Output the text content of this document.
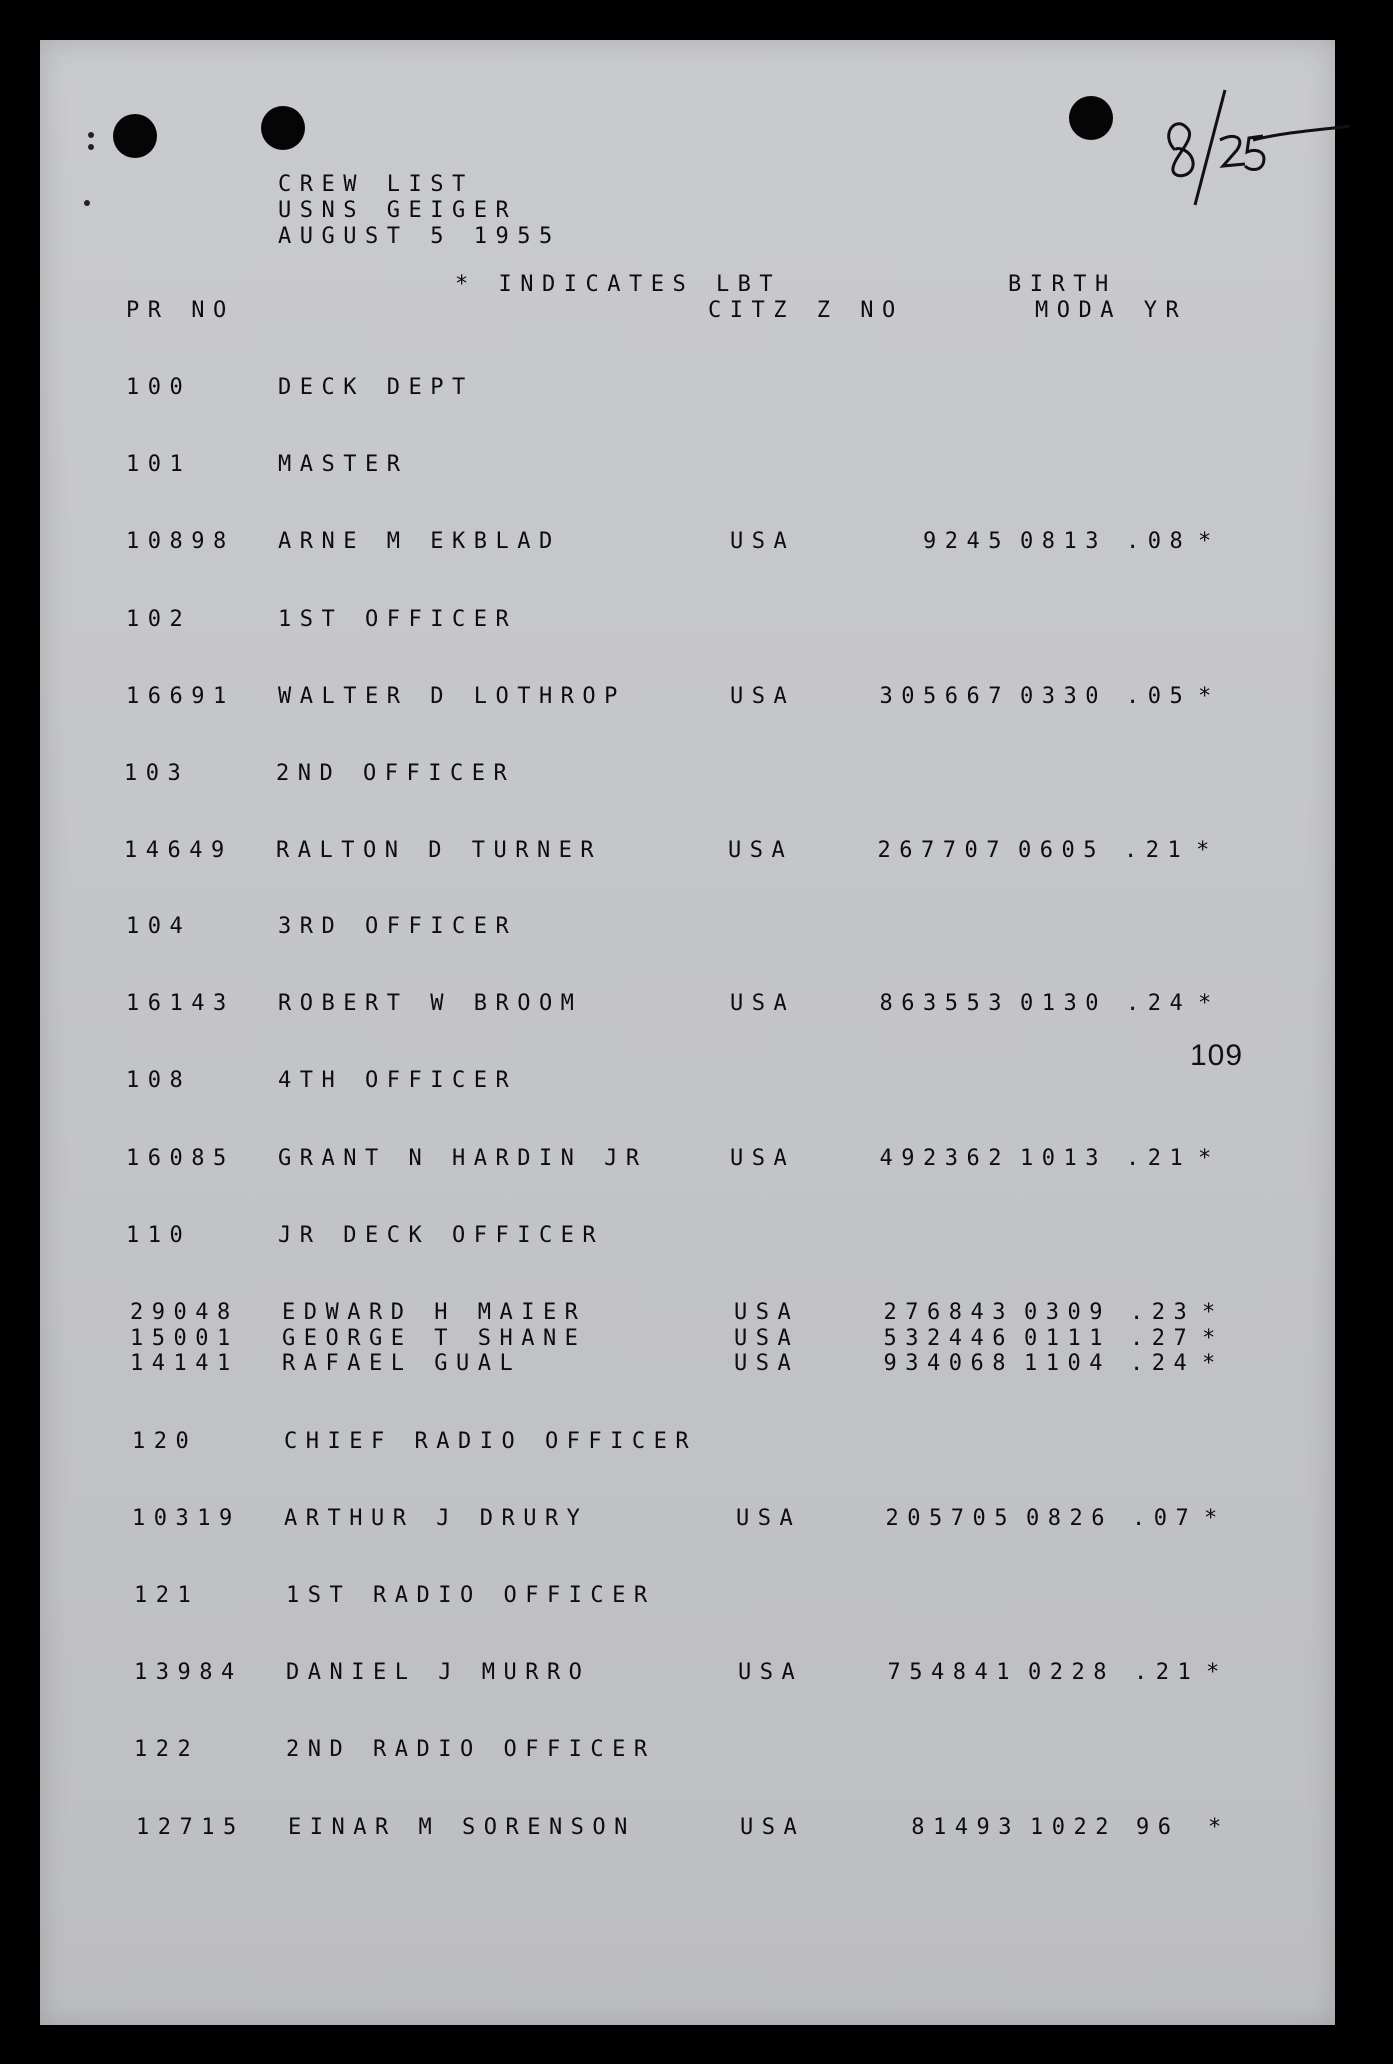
CREW LIST
USNS GEIGER
AUGUST 5 1955
* INDICATES LBT	BIRTH
PR NO	CITZ Z NO	MODA YR
109
100	DECK DEPT
101	MASTER
10898 ARNE M EKBLAD	USA	9245 0813 .08 *
102	1ST OFFICER
16691 WALTER D LOTHROP	USA	305667 0330 .05 *
103	2ND OFFICER
14649 RALTON D TURNER	USA	267707 0605 .21 *
104	3RD OFFICER
16143 ROBERT W BROOM	USA	863553 0130 .24 *
108	4TH OFFICER
16085 GRANT N HARDIN JR	USA	492362 1013 .21 *
110	JR DECK OFFICER
29048 EDWARD H MAIER	USA	276843 0309 .23 *
15001 GEORGE T SHANE	USA	532446 0111 .27 *
14141 RAFAEL GUAL	USA	934068 1104 .24 *
120	CHIEF RADIO OFFICER
10319 ARTHUR J DRURY	USA	205705 0826 .07 *
121	1ST RADIO OFFICER
13984 DANIEL J MURRO	USA	754841 0228 .21 *
122	2ND RADIO OFFICER
12715 EINAR M SORENSON	USA	81493 1022 96 *
